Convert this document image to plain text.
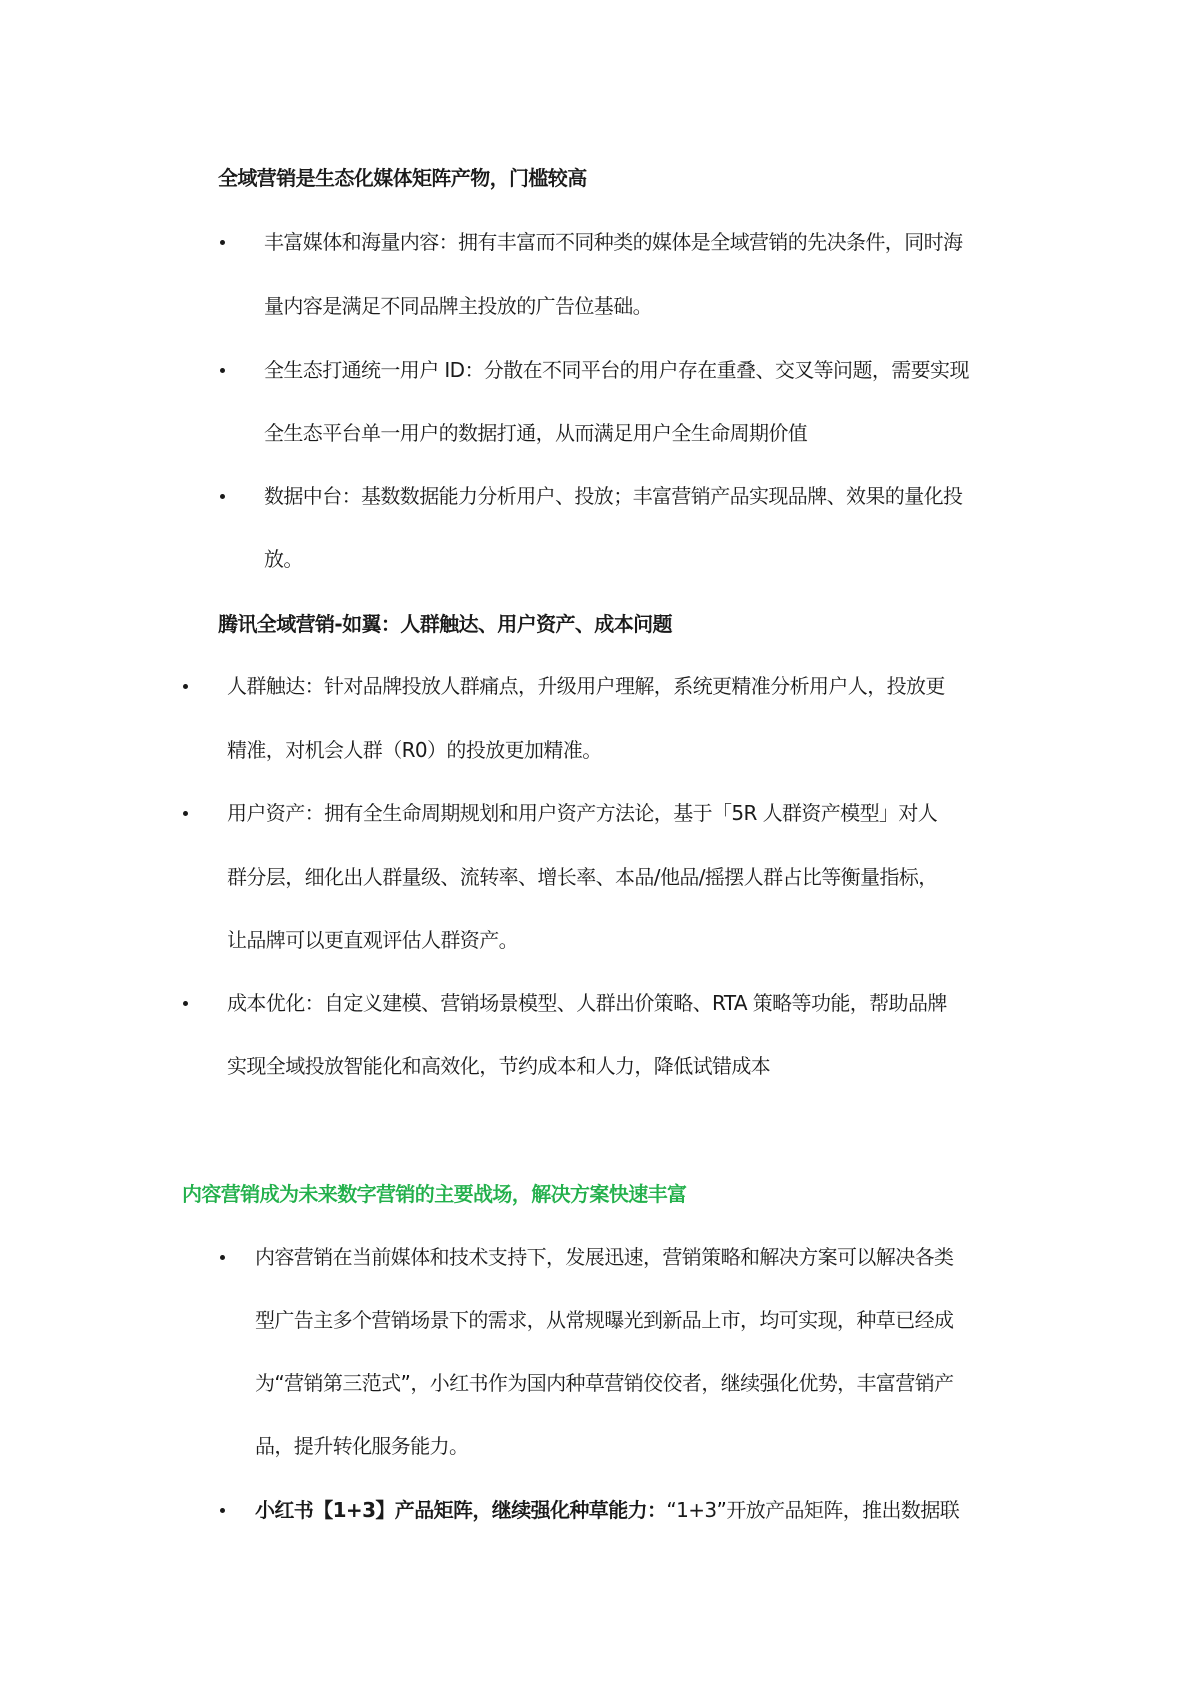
全域营销是生态化媒体矩阵产物，门槛较高
丰富媒体和海量内容：拥有丰富而不同种类的媒体是全域营销的先决条件，同时海
量内容是满足不同品牌主投放的广告位基础。
全生态打通统一用户 ID：分散在不同平台的用户存在重叠、交叉等问题，需要实现
全生态平台单一用户的数据打通，从而满足用户全生命周期价值
数据中台：基数数据能力分析用户、投放；丰富营销产品实现品牌、效果的量化投
放。
腾讯全域营销-如翼：人群触达、用户资产、成本问题
人群触达：针对品牌投放人群痛点，升级用户理解，系统更精准分析用户人，投放更
精准，对机会人群（R0）的投放更加精准。
用户资产：拥有全生命周期规划和用户资产方法论，基于「5R 人群资产模型」对人
群分层，细化出人群量级、流转率、增长率、本品/他品/摇摆人群占比等衡量指标，
让品牌可以更直观评估人群资产。
成本优化：自定义建模、营销场景模型、人群出价策略、RTA 策略等功能，帮助品牌
实现全域投放智能化和高效化，节约成本和人力，降低试错成本
内容营销成为未来数字营销的主要战场，解决方案快速丰富
内容营销在当前媒体和技术支持下，发展迅速，营销策略和解决方案可以解决各类
型广告主多个营销场景下的需求，从常规曝光到新品上市，均可实现，种草已经成
为“营销第三范式”，小红书作为国内种草营销佼佼者，继续强化优势，丰富营销产
品，提升转化服务能力。
小红书【1+3】产品矩阵，继续强化种草能力：“1+3”开放产品矩阵，推出数据联
